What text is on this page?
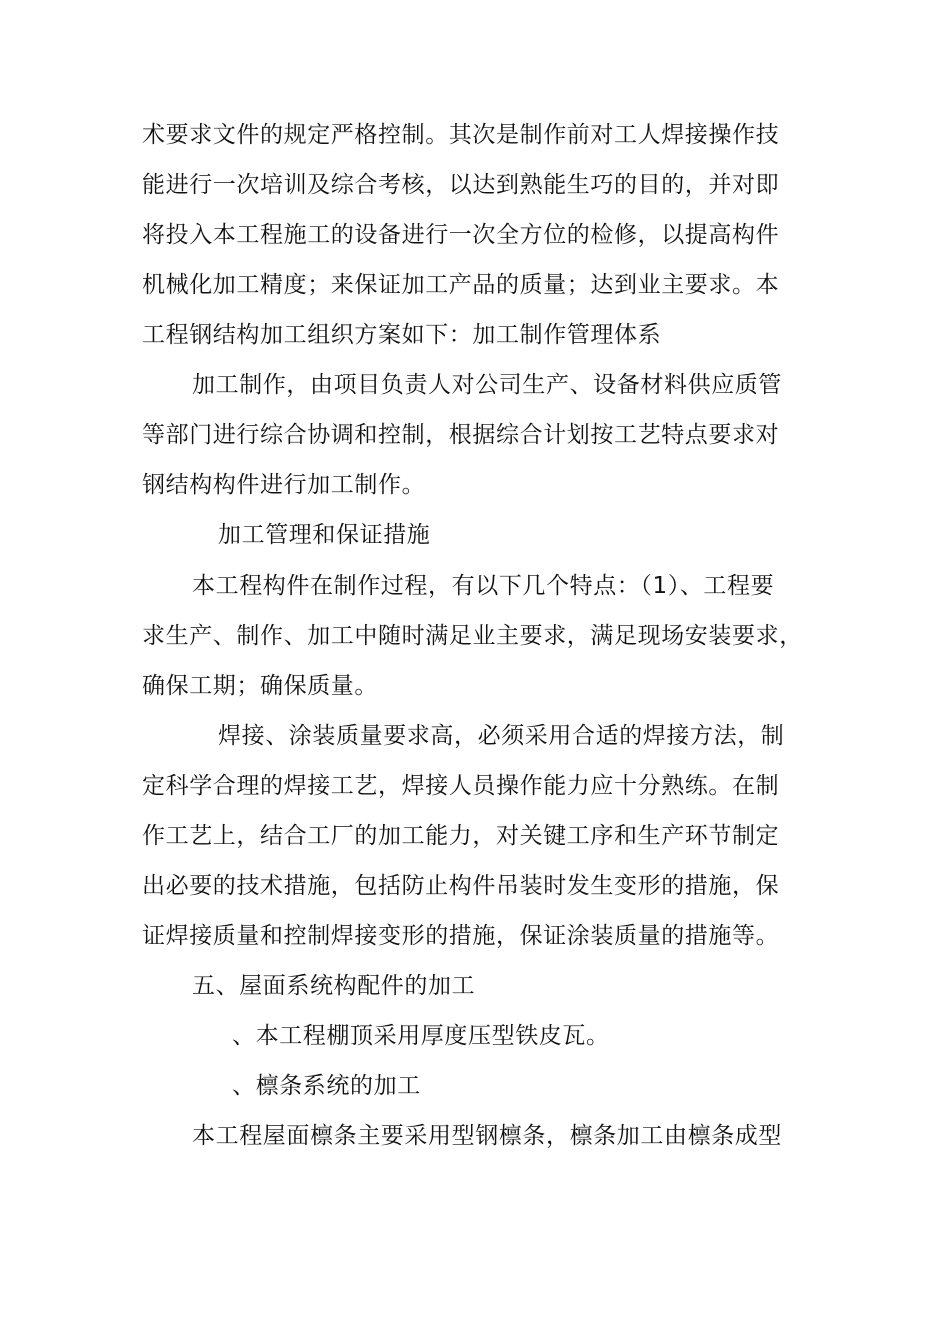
术要求文件的规定严格控制。其次是制作前对工人焊接操作技
能进行一次培训及综合考核，以达到熟能生巧的目的，并对即
将投入本工程施工的设备进行一次全方位的检修，以提高构件
机械化加工精度；来保证加工产品的质量；达到业主要求。本
工程钢结构加工组织方案如下：加工制作管理体系
加工制作，由项目负责人对公司生产、设备材料供应质管
等部门进行综合协调和控制，根据综合计划按工艺特点要求对
钢结构构件进行加工制作。
加工管理和保证措施
本工程构件在制作过程，有以下几个特点：（1）、工程要
求生产、制作、加工中随时满足业主要求，满足现场安装要求，
确保工期；确保质量。
焊接、涂装质量要求高，必须采用合适的焊接方法，制
定科学合理的焊接工艺，焊接人员操作能力应十分熟练。在制
作工艺上，结合工厂的加工能力，对关键工序和生产环节制定
出必要的技术措施，包括防止构件吊装时发生变形的措施，保
证焊接质量和控制焊接变形的措施，保证涂装质量的措施等。
五、屋面系统构配件的加工
、本工程棚顶采用厚度压型铁皮瓦。
、檩条系统的加工
本工程屋面檩条主要采用型钢檩条，檩条加工由檩条成型
